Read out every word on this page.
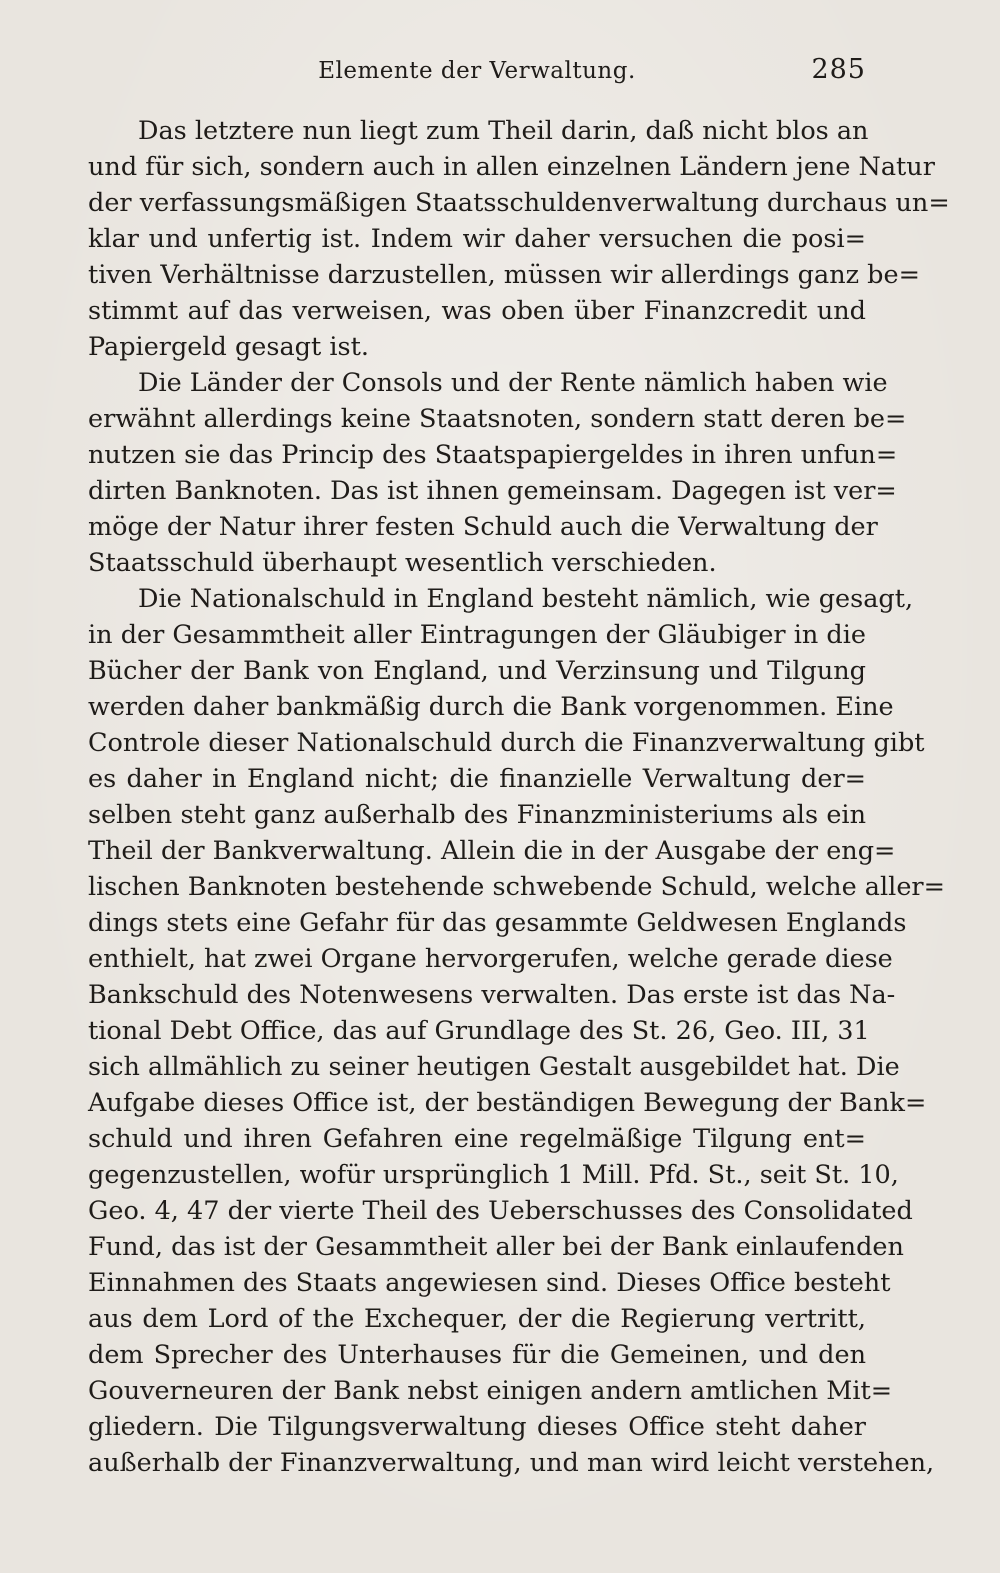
Elemente der Verwaltung.	285
Das letztere nun liegt zum Theil darin, daß nicht blos an
und für sich, sondern auch in allen einzelnen Ländern jene Natur
der verfassungsmäßigen Staatsschuldenverwaltung durchaus un=
klar und unfertig ist. Indem wir daher versuchen die posi=
tiven Verhältnisse darzustellen, müssen wir allerdings ganz be=
stimmt auf das verweisen, was oben über Finanzcredit und
Papiergeld gesagt ist.
Die Länder der Consols und der Rente nämlich haben wie
erwähnt allerdings keine Staatsnoten, sondern statt deren be=
nutzen sie das Princip des Staatspapiergeldes in ihren unfun=
dirten Banknoten. Das ist ihnen gemeinsam. Dagegen ist ver=
möge der Natur ihrer festen Schuld auch die Verwaltung der
Staatsschuld überhaupt wesentlich verschieden.
Die Nationalschuld in England besteht nämlich, wie gesagt,
in der Gesammtheit aller Eintragungen der Gläubiger in die
Bücher der Bank von England, und Verzinsung und Tilgung
werden daher bankmäßig durch die Bank vorgenommen. Eine
Controle dieser Nationalschuld durch die Finanzverwaltung gibt
es daher in England nicht; die finanzielle Verwaltung der=
selben steht ganz außerhalb des Finanzministeriums als ein
Theil der Bankverwaltung. Allein die in der Ausgabe der eng=
lischen Banknoten bestehende schwebende Schuld, welche aller=
dings stets eine Gefahr für das gesammte Geldwesen Englands
enthielt, hat zwei Organe hervorgerufen, welche gerade diese
Bankschuld des Notenwesens verwalten. Das erste ist das Na-
tional Debt Office, das auf Grundlage des St. 26, Geo. III, 31
sich allmählich zu seiner heutigen Gestalt ausgebildet hat. Die
Aufgabe dieses Office ist, der beständigen Bewegung der Bank=
schuld und ihren Gefahren eine regelmäßige Tilgung ent=
gegenzustellen, wofür ursprünglich 1 Mill. Pfd. St., seit St. 10,
Geo. 4, 47 der vierte Theil des Ueberschusses des Consolidated
Fund, das ist der Gesammtheit aller bei der Bank einlaufenden
Einnahmen des Staats angewiesen sind. Dieses Office besteht
aus dem Lord of the Exchequer, der die Regierung vertritt,
dem Sprecher des Unterhauses für die Gemeinen, und den
Gouverneuren der Bank nebst einigen andern amtlichen Mit=
gliedern. Die Tilgungsverwaltung dieses Office steht daher
außerhalb der Finanzverwaltung, und man wird leicht verstehen,
